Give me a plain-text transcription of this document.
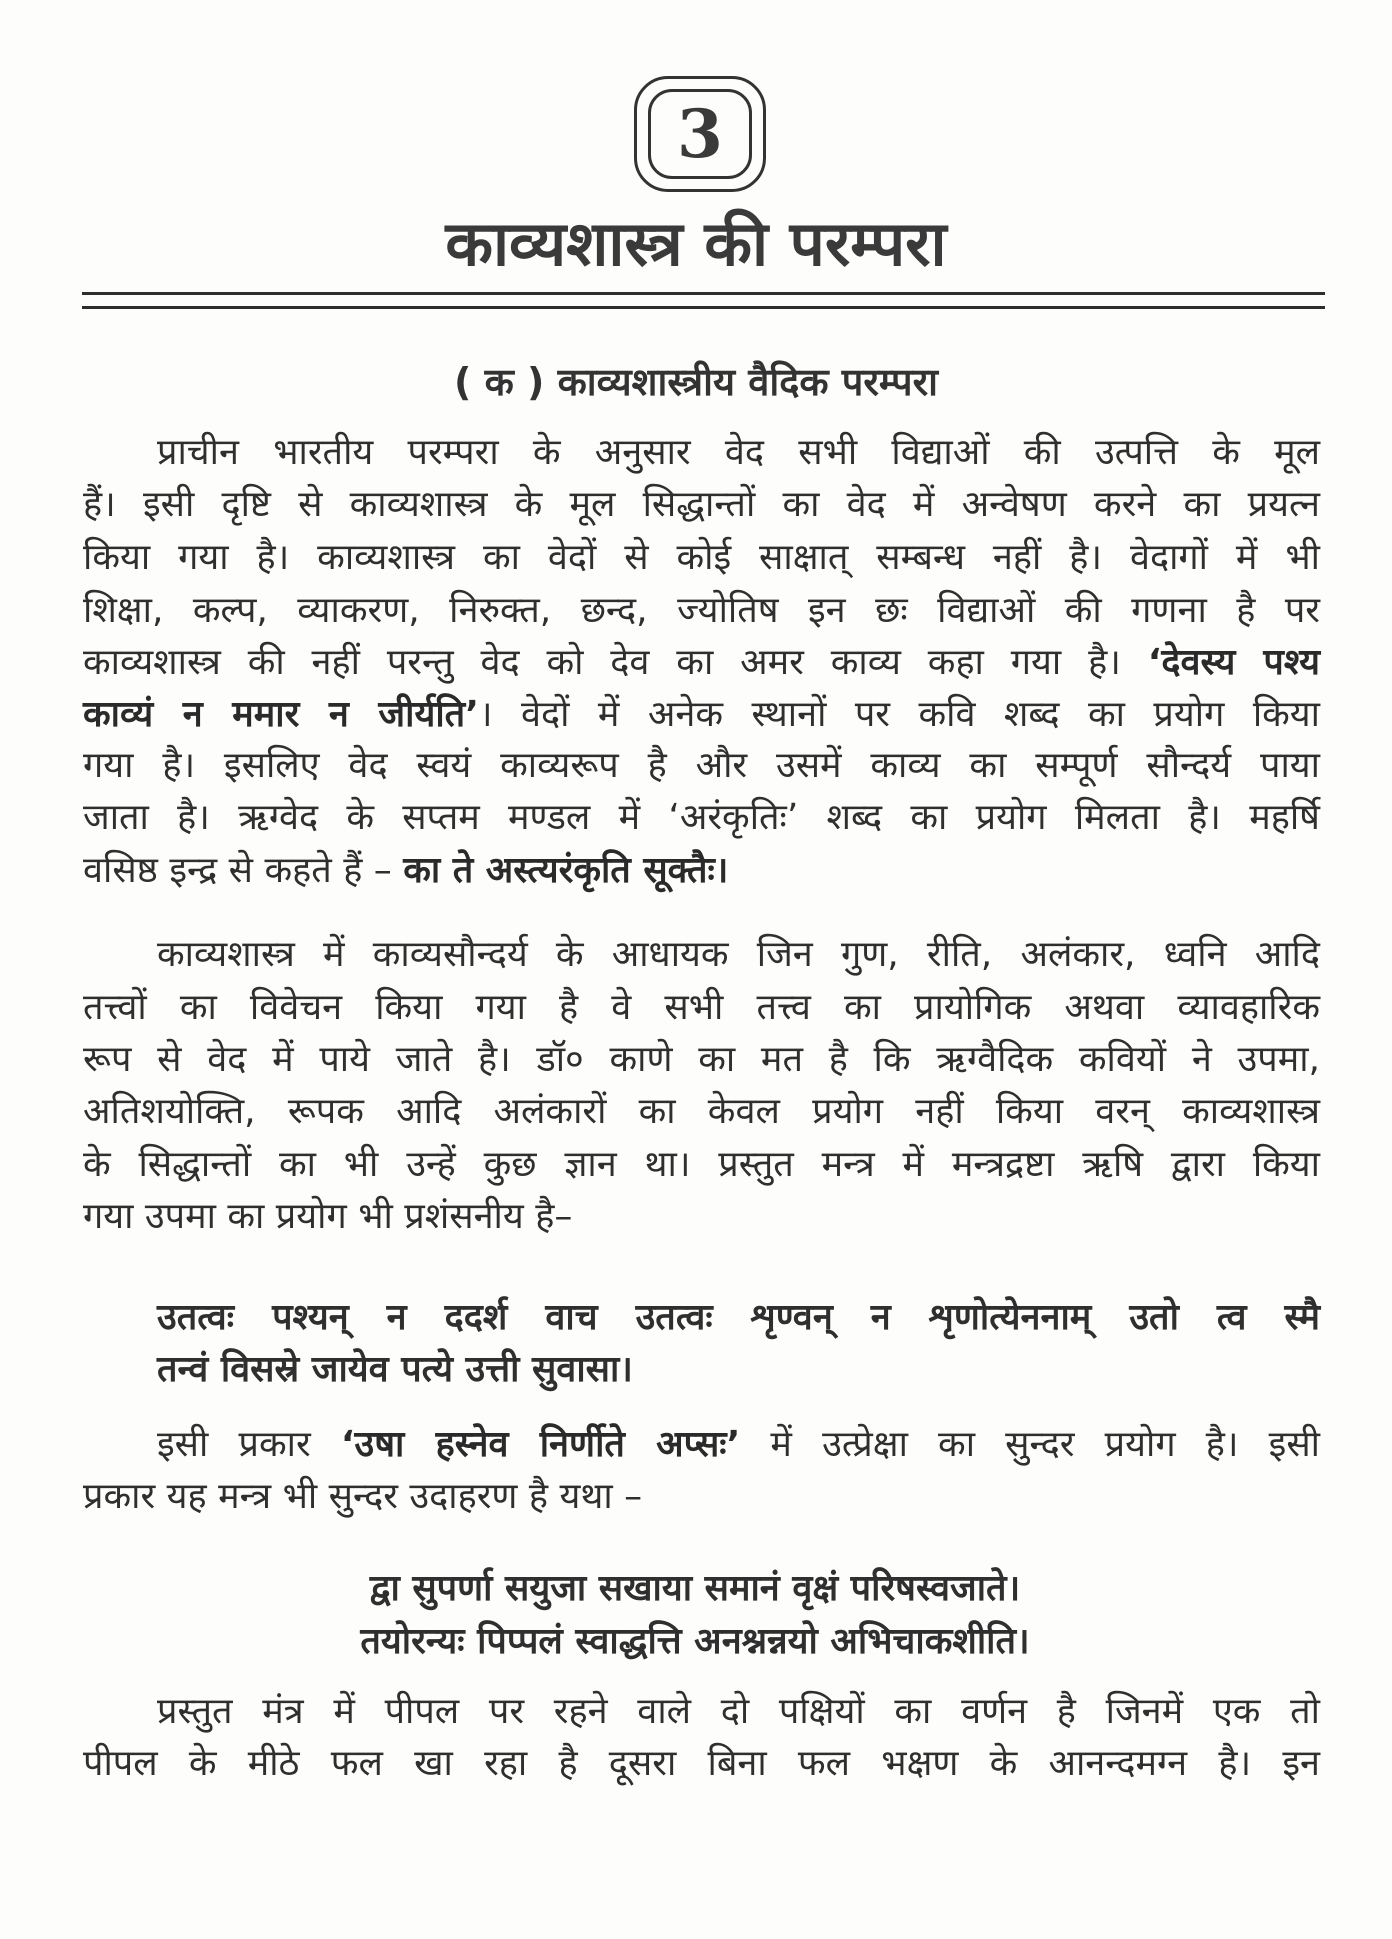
3
काव्यशास्त्र की परम्परा
( क ) काव्यशास्त्रीय वैदिक परम्परा
प्राचीन भारतीय परम्परा के अनुसार वेद सभी विद्याओं की उत्पत्ति के मूल
हैं। इसी दृष्टि से काव्यशास्त्र के मूल सिद्धान्तों का वेद में अन्वेषण करने का प्रयत्न
किया गया है। काव्यशास्त्र का वेदों से कोई साक्षात् सम्बन्ध नहीं है। वेदागों में भी
शिक्षा, कल्प, व्याकरण, निरुक्त, छन्द, ज्योतिष इन छः विद्याओं की गणना है पर
काव्यशास्त्र की नहीं परन्तु वेद को देव का अमर काव्य कहा गया है। ‘देवस्य पश्य
काव्यं न ममार न जीर्यति’। वेदों में अनेक स्थानों पर कवि शब्द का प्रयोग किया
गया है। इसलिए वेद स्वयं काव्यरूप है और उसमें काव्य का सम्पूर्ण सौन्दर्य पाया
जाता है। ऋग्वेद के सप्तम मण्डल में ‘अरंकृतिः’ शब्द का प्रयोग मिलता है। महर्षि
वसिष्ठ इन्द्र से कहते हैं – का ते अस्त्यरंकृति सूक्तैः।
काव्यशास्त्र में काव्यसौन्दर्य के आधायक जिन गुण, रीति, अलंकार, ध्वनि आदि
तत्त्वों का विवेचन किया गया है वे सभी तत्त्व का प्रायोगिक अथवा व्यावहारिक
रूप से वेद में पाये जाते है। डॉ० काणे का मत है कि ऋग्वैदिक कवियों ने उपमा,
अतिशयोक्ति, रूपक आदि अलंकारों का केवल प्रयोग नहीं किया वरन् काव्यशास्त्र
के सिद्धान्तों का भी उन्हें कुछ ज्ञान था। प्रस्तुत मन्त्र में मन्त्रद्रष्टा ऋषि द्वारा किया
गया उपमा का प्रयोग भी प्रशंसनीय है–
उतत्वः पश्यन् न ददर्श वाच उतत्वः शृण्वन् न शृणोत्येननाम् उतो त्व स्मै
तन्वं विसस्रे जायेव पत्ये उत्ती सुवासा।
इसी प्रकार ‘उषा हस्नेव निर्णीते अप्सः’ में उत्प्रेक्षा का सुन्दर प्रयोग है। इसी
प्रकार यह मन्त्र भी सुन्दर उदाहरण है यथा –
द्वा सुपर्णा सयुजा सखाया समानं वृक्षं परिषस्वजाते।
तयोरन्यः पिप्पलं स्वाद्धत्ति अनश्नन्नयो अभिचाकशीति।
प्रस्तुत मंत्र में पीपल पर रहने वाले दो पक्षियों का वर्णन है जिनमें एक तो
पीपल के मीठे फल खा रहा है दूसरा बिना फल भक्षण के आनन्दमग्न है। इन
